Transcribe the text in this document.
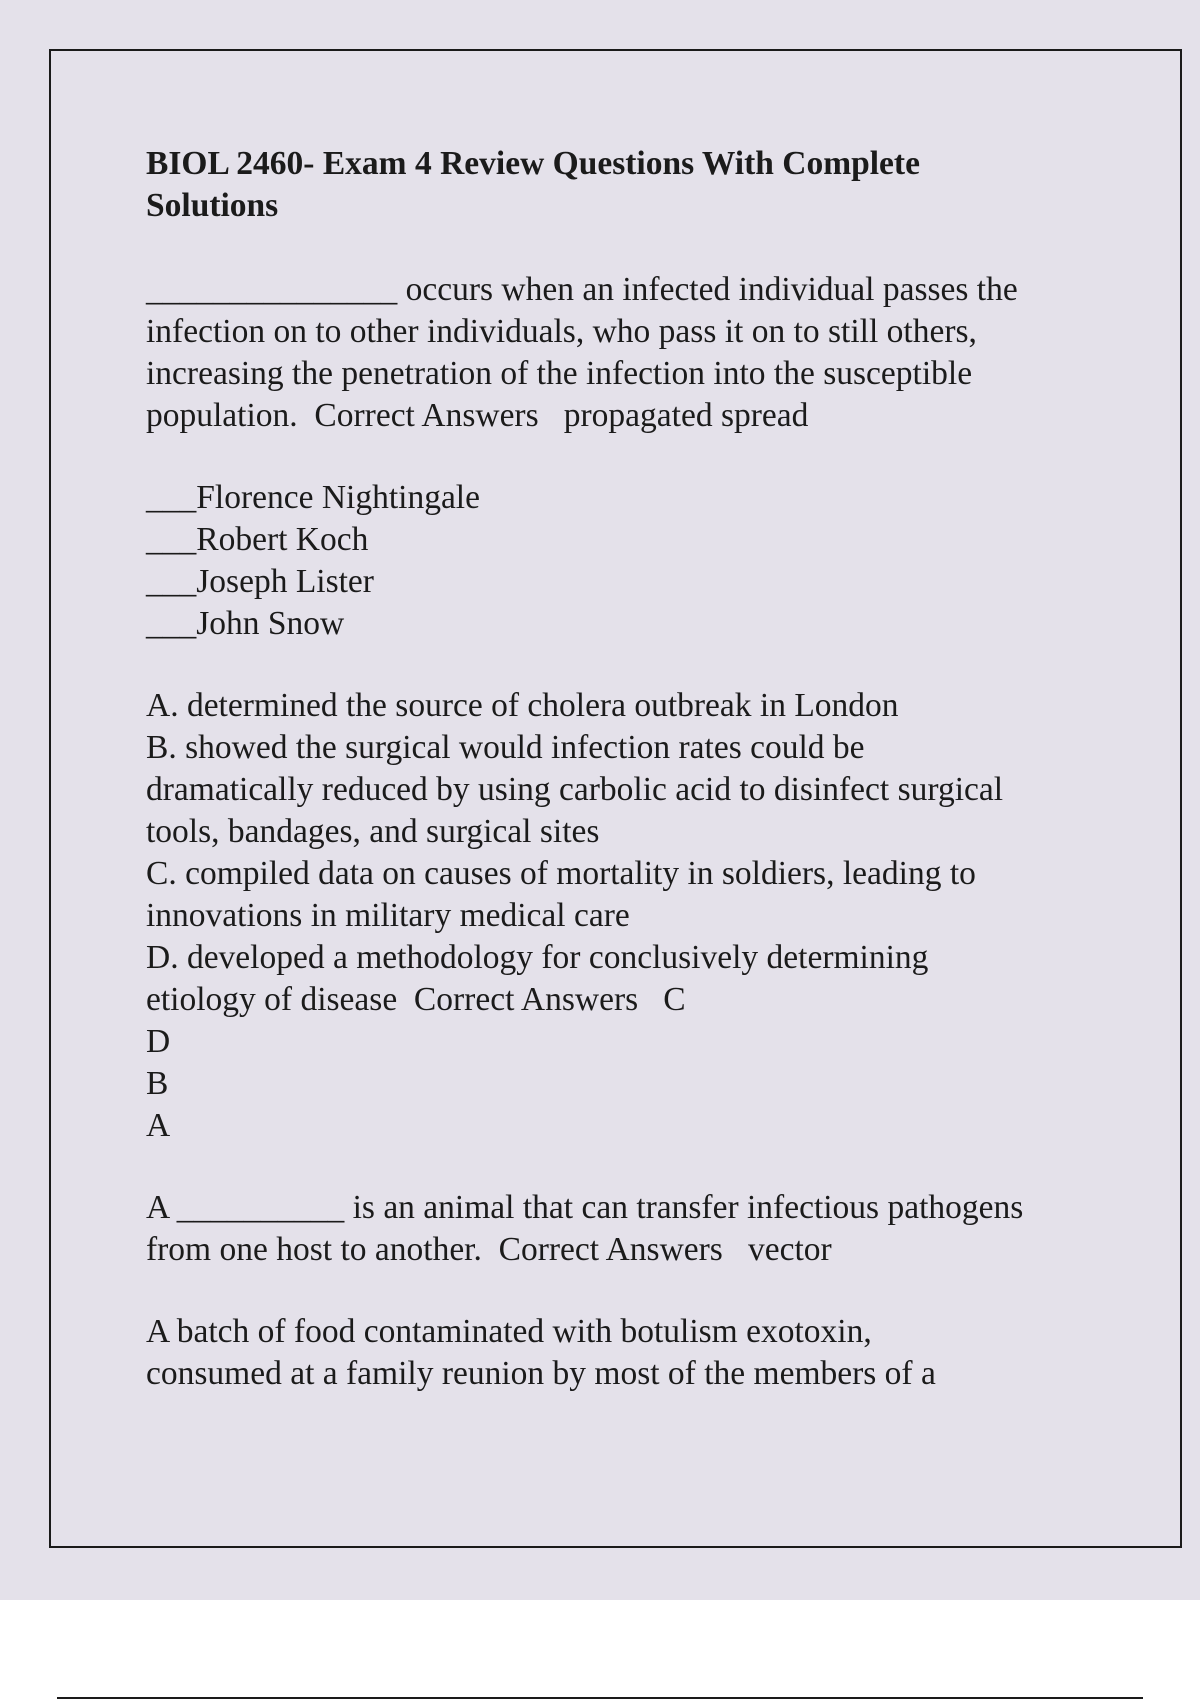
BIOL 2460- Exam 4 Review Questions With Complete
Solutions
_______________ occurs when an infected individual passes the
infection on to other individuals, who pass it on to still others,
increasing the penetration of the infection into the susceptible
population.  Correct Answers   propagated spread
___Florence Nightingale
___Robert Koch
___Joseph Lister
___John Snow
A. determined the source of cholera outbreak in London
B. showed the surgical would infection rates could be
dramatically reduced by using carbolic acid to disinfect surgical
tools, bandages, and surgical sites
C. compiled data on causes of mortality in soldiers, leading to
innovations in military medical care
D. developed a methodology for conclusively determining
etiology of disease  Correct Answers   C
D
B
A
A __________ is an animal that can transfer infectious pathogens
from one host to another.  Correct Answers   vector
A batch of food contaminated with botulism exotoxin,
consumed at a family reunion by most of the members of a
